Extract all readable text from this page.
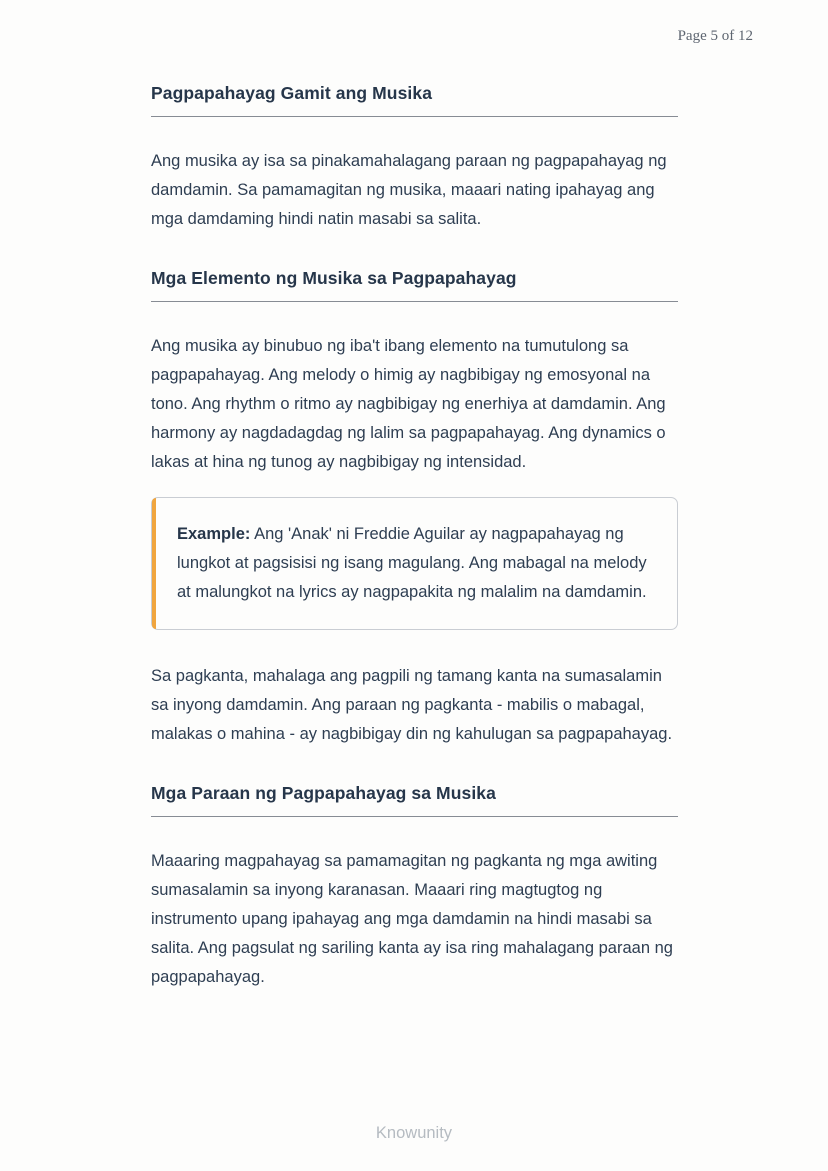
Page 5 of 12
Pagpapahayag Gamit ang Musika

Ang musika ay isa sa pinakamahalagang paraan ng pagpapahayag ng damdamin. Sa pamamagitan ng musika, maaari nating ipahayag ang mga damdaming hindi natin masabi sa salita.

Mga Elemento ng Musika sa Pagpapahayag

Ang musika ay binubuo ng iba't ibang elemento na tumutulong sa pagpapahayag. Ang melody o himig ay nagbibigay ng emosyonal na tono. Ang rhythm o ritmo ay nagbibigay ng enerhiya at damdamin. Ang harmony ay nagdadagdag ng lalim sa pagpapahayag. Ang dynamics o lakas at hina ng tunog ay nagbibigay ng intensidad.

Example: Ang 'Anak' ni Freddie Aguilar ay nagpapahayag ng lungkot at pagsisisi ng isang magulang. Ang mabagal na melody at malungkot na lyrics ay nagpapakita ng malalim na damdamin.

Sa pagkanta, mahalaga ang pagpili ng tamang kanta na sumasalamin sa inyong damdamin. Ang paraan ng pagkanta - mabilis o mabagal, malakas o mahina - ay nagbibigay din ng kahulugan sa pagpapahayag.

Mga Paraan ng Pagpapahayag sa Musika

Maaaring magpahayag sa pamamagitan ng pagkanta ng mga awiting sumasalamin sa inyong karanasan. Maaari ring magtugtog ng instrumento upang ipahayag ang mga damdamin na hindi masabi sa salita. Ang pagsulat ng sariling kanta ay isa ring mahalagang paraan ng pagpapahayag.

Knowunity
